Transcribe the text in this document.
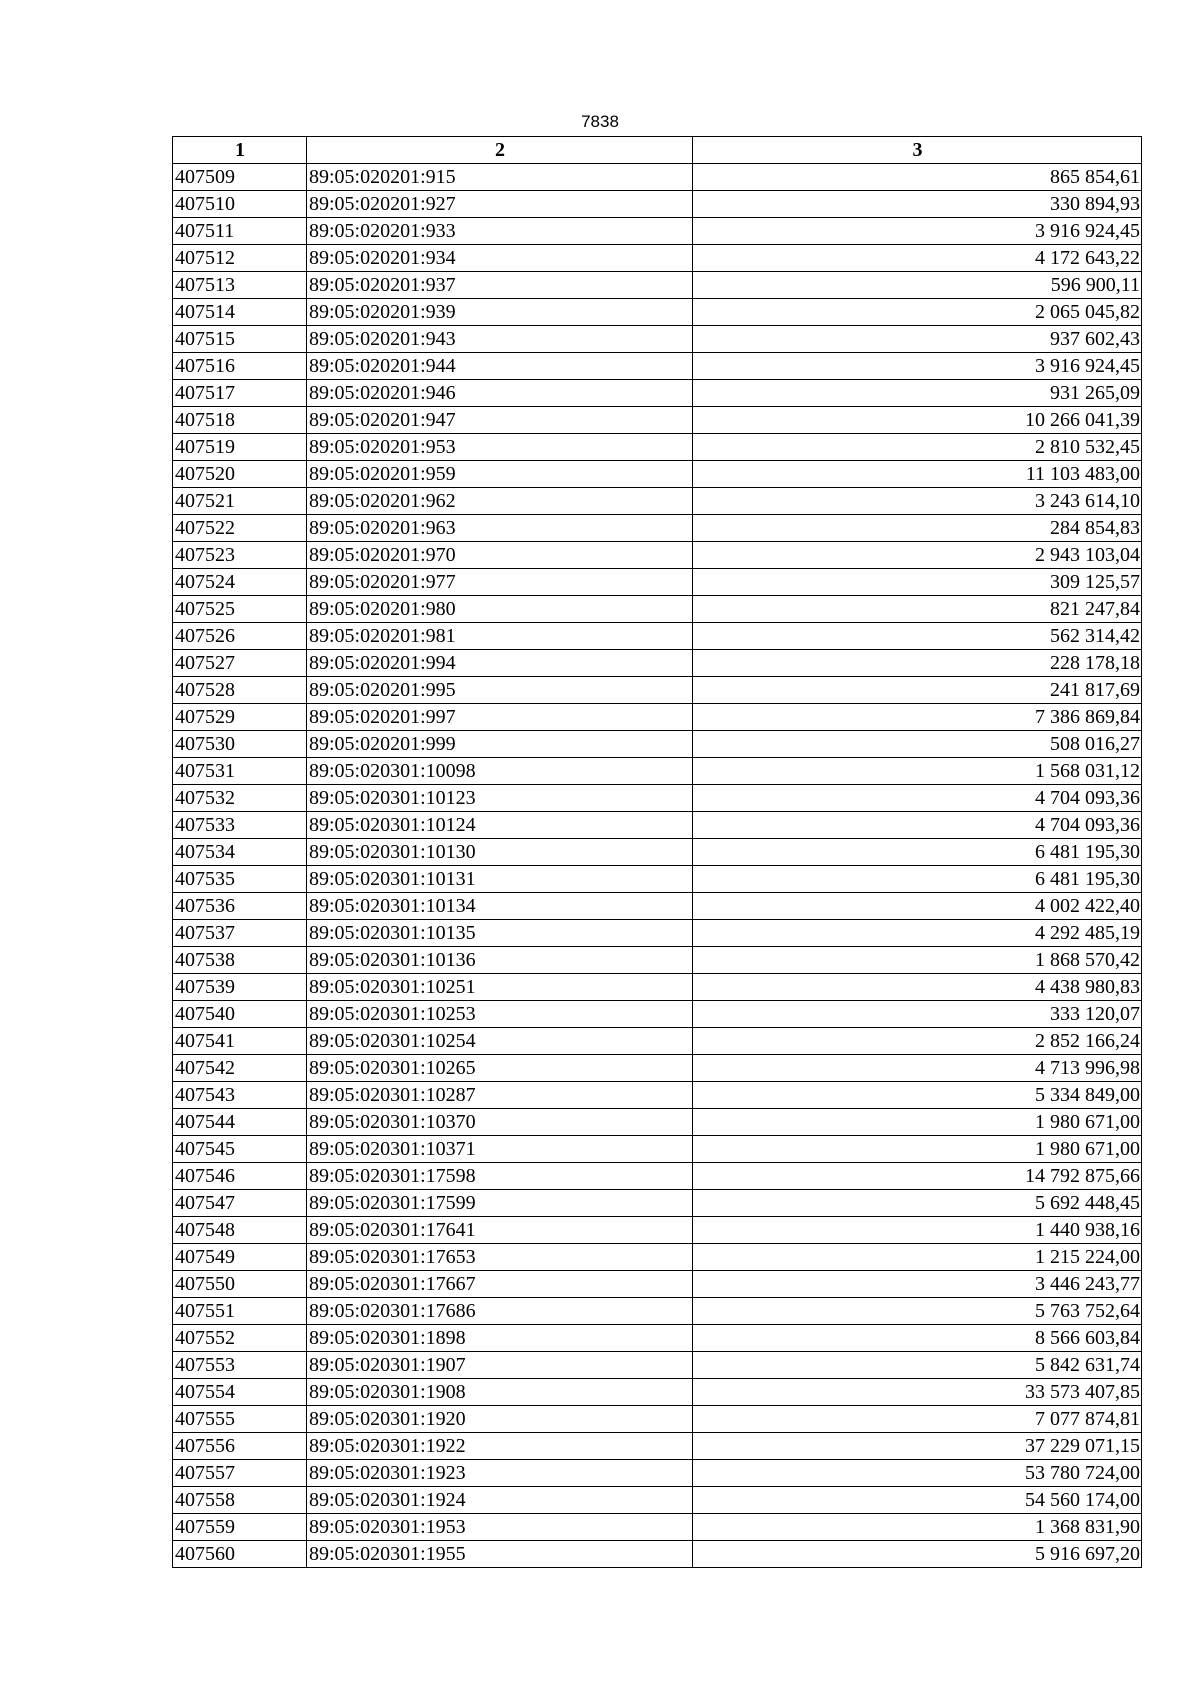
7838
1	2	3
407509	89:05:020201:915	865 854,61
407510	89:05:020201:927	330 894,93
407511	89:05:020201:933	3 916 924,45
407512	89:05:020201:934	4 172 643,22
407513	89:05:020201:937	596 900,11
407514	89:05:020201:939	2 065 045,82
407515	89:05:020201:943	937 602,43
407516	89:05:020201:944	3 916 924,45
407517	89:05:020201:946	931 265,09
407518	89:05:020201:947	10 266 041,39
407519	89:05:020201:953	2 810 532,45
407520	89:05:020201:959	11 103 483,00
407521	89:05:020201:962	3 243 614,10
407522	89:05:020201:963	284 854,83
407523	89:05:020201:970	2 943 103,04
407524	89:05:020201:977	309 125,57
407525	89:05:020201:980	821 247,84
407526	89:05:020201:981	562 314,42
407527	89:05:020201:994	228 178,18
407528	89:05:020201:995	241 817,69
407529	89:05:020201:997	7 386 869,84
407530	89:05:020201:999	508 016,27
407531	89:05:020301:10098	1 568 031,12
407532	89:05:020301:10123	4 704 093,36
407533	89:05:020301:10124	4 704 093,36
407534	89:05:020301:10130	6 481 195,30
407535	89:05:020301:10131	6 481 195,30
407536	89:05:020301:10134	4 002 422,40
407537	89:05:020301:10135	4 292 485,19
407538	89:05:020301:10136	1 868 570,42
407539	89:05:020301:10251	4 438 980,83
407540	89:05:020301:10253	333 120,07
407541	89:05:020301:10254	2 852 166,24
407542	89:05:020301:10265	4 713 996,98
407543	89:05:020301:10287	5 334 849,00
407544	89:05:020301:10370	1 980 671,00
407545	89:05:020301:10371	1 980 671,00
407546	89:05:020301:17598	14 792 875,66
407547	89:05:020301:17599	5 692 448,45
407548	89:05:020301:17641	1 440 938,16
407549	89:05:020301:17653	1 215 224,00
407550	89:05:020301:17667	3 446 243,77
407551	89:05:020301:17686	5 763 752,64
407552	89:05:020301:1898	8 566 603,84
407553	89:05:020301:1907	5 842 631,74
407554	89:05:020301:1908	33 573 407,85
407555	89:05:020301:1920	7 077 874,81
407556	89:05:020301:1922	37 229 071,15
407557	89:05:020301:1923	53 780 724,00
407558	89:05:020301:1924	54 560 174,00
407559	89:05:020301:1953	1 368 831,90
407560	89:05:020301:1955	5 916 697,20
